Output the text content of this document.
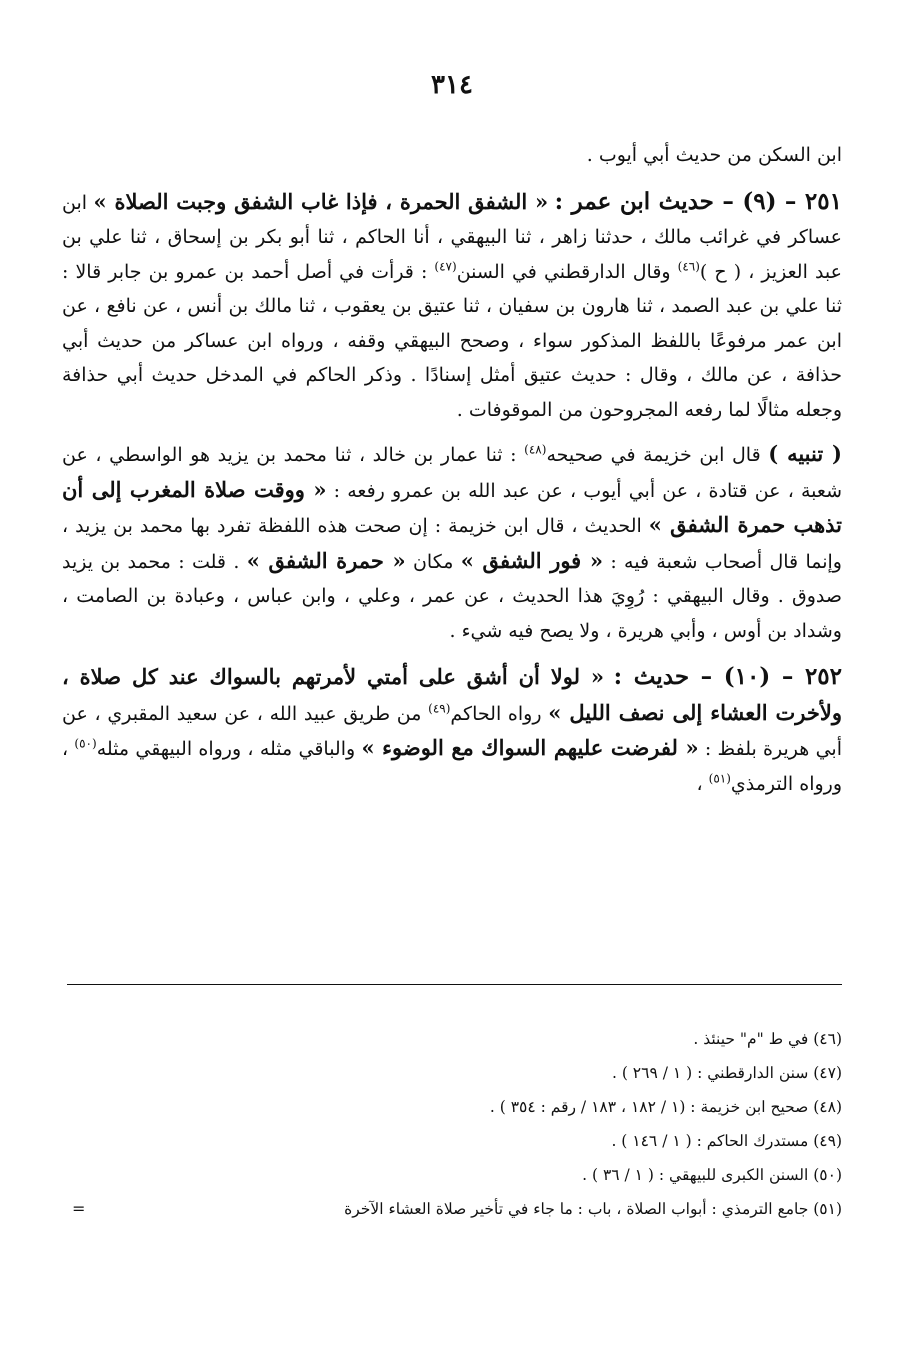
٣١٤

ابن السكن من حديث أبي أيوب .

٢٥١ – (٩) – حديث ابن عمر : « الشفق الحمرة ، فإذا غاب الشفق وجبت الصلاة » ابن عساكر في غرائب مالك ، حدثنا زاهر ، ثنا البيهقي ، أنا الحاكم ، ثنا أبو بكر بن إسحاق ، ثنا علي بن عبد العزيز ، ( ح )$^{(٤٦)}$ وقال الدارقطني في السنن$^{(٤٧)}$ : قرأت في أصل أحمد بن عمرو بن جابر قالا : ثنا علي بن عبد الصمد ، ثنا هارون بن سفيان ، ثنا عتيق بن يعقوب ، ثنا مالك بن أنس ، عن نافع ، عن ابن عمر مرفوعًا باللفظ المذكور سواء ، وصحح البيهقي وقفه ، ورواه ابن عساكر من حديث أبي حذافة ، عن مالك ، وقال : حديث عتيق أمثل إسنادًا . وذكر الحاكم في المدخل حديث أبي حذافة وجعله مثالًا لما رفعه المجروحون من الموقوفات .

( تنبيه ) قال ابن خزيمة في صحيحه$^{(٤٨)}$ : ثنا عمار بن خالد ، ثنا محمد بن يزيد هو الواسطي ، عن شعبة ، عن قتادة ، عن أبي أيوب ، عن عبد الله بن عمرو رفعه : « ووقت صلاة المغرب إلى أن تذهب حمرة الشفق » الحديث ، قال ابن خزيمة : إن صحت هذه اللفظة تفرد بها محمد بن يزيد ، وإنما قال أصحاب شعبة فيه : « فور الشفق » مكان « حمرة الشفق » . قلت : محمد بن يزيد صدوق . وقال البيهقي : رُوِيَ هذا الحديث ، عن عمر ، وعلي ، وابن عباس ، وعبادة بن الصامت ، وشداد بن أوس ، وأبي هريرة ، ولا يصح فيه شيء .

٢٥٢ – (١٠) – حديث : « لولا أن أشق على أمتي لأمرتهم بالسواك عند كل صلاة ، ولأخرت العشاء إلى نصف الليل » رواه الحاكم$^{(٤٩)}$ من طريق عبيد الله ، عن سعيد المقبري ، عن أبي هريرة بلفظ : « لفرضت عليهم السواك مع الوضوء » والباقي مثله ، ورواه البيهقي مثله$^{(٥٠)}$ ، ورواه الترمذي$^{(٥١)}$ ،

(٤٦) في ط "م" حينئذ .

(٤٧) سنن الدارقطني : ( ١ / ٢٦٩ ) .

(٤٨) صحيح ابن خزيمة : (١ / ١٨٢ ، ١٨٣ / رقم : ٣٥٤ ) .

(٤٩) مستدرك الحاكم : ( ١ / ١٤٦ ) .

(٥٠) السنن الكبرى للبيهقي : ( ١ / ٣٦ ) .

(٥١) جامع الترمذي : أبواب الصلاة ، باب : ما جاء في تأخير صلاة العشاء الآخرة
=
